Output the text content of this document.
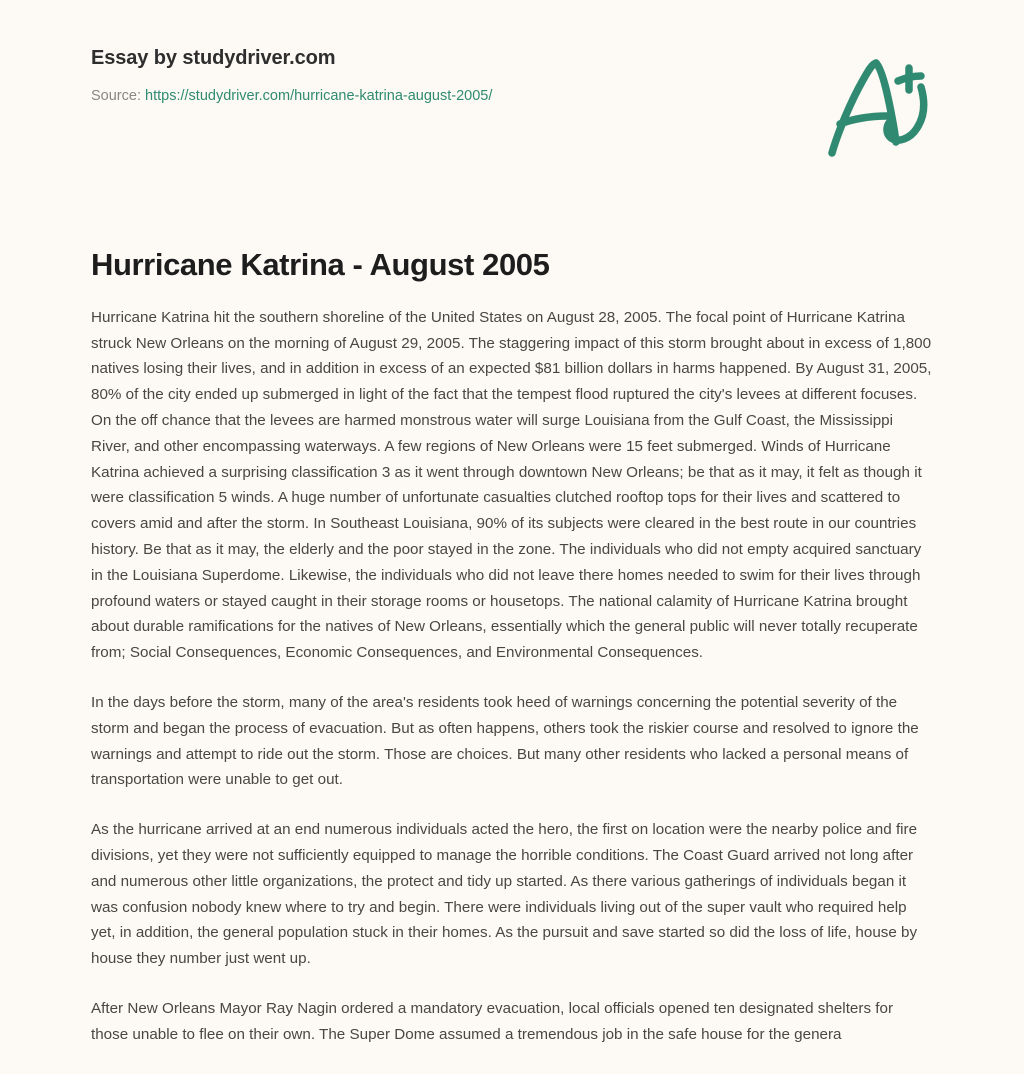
Essay by studydriver.com
Source: https://studydriver.com/hurricane-katrina-august-2005/
Hurricane Katrina - August 2005

Hurricane Katrina hit the southern shoreline of the United States on August 28, 2005. The focal point of Hurricane Katrina struck New Orleans on the morning of August 29, 2005. The staggering impact of this storm brought about in excess of 1,800 natives losing their lives, and in addition in excess of an expected $81 billion dollars in harms happened. By August 31, 2005, 80% of the city ended up submerged in light of the fact that the tempest flood ruptured the city's levees at different focuses. On the off chance that the levees are harmed monstrous water will surge Louisiana from the Gulf Coast, the Mississippi River, and other encompassing waterways. A few regions of New Orleans were 15 feet submerged. Winds of Hurricane Katrina achieved a surprising classification 3 as it went through downtown New Orleans; be that as it may, it felt as though it were classification 5 winds. A huge number of unfortunate casualties clutched rooftop tops for their lives and scattered to covers amid and after the storm. In Southeast Louisiana, 90% of its subjects were cleared in the best route in our countries history. Be that as it may, the elderly and the poor stayed in the zone. The individuals who did not empty acquired sanctuary in the Louisiana Superdome. Likewise, the individuals who did not leave there homes needed to swim for their lives through profound waters or stayed caught in their storage rooms or housetops. The national calamity of Hurricane Katrina brought about durable ramifications for the natives of New Orleans, essentially which the general public will never totally recuperate from; Social Consequences, Economic Consequences, and Environmental Consequences.

In the days before the storm, many of the area's residents took heed of warnings concerning the potential severity of the storm and began the process of evacuation. But as often happens, others took the riskier course and resolved to ignore the warnings and attempt to ride out the storm. Those are choices. But many other residents who lacked a personal means of transportation were unable to get out.

As the hurricane arrived at an end numerous individuals acted the hero, the first on location were the nearby police and fire divisions, yet they were not sufficiently equipped to manage the horrible conditions. The Coast Guard arrived not long after and numerous other little organizations, the protect and tidy up started. As there various gatherings of individuals began it was confusion nobody knew where to try and begin. There were individuals living out of the super vault who required help yet, in addition, the general population stuck in their homes. As the pursuit and save started so did the loss of life, house by house they number just went up.

After New Orleans Mayor Ray Nagin ordered a mandatory evacuation, local officials opened ten designated shelters for those unable to flee on their own. The Super Dome assumed a tremendous job in the safe house for the genera
